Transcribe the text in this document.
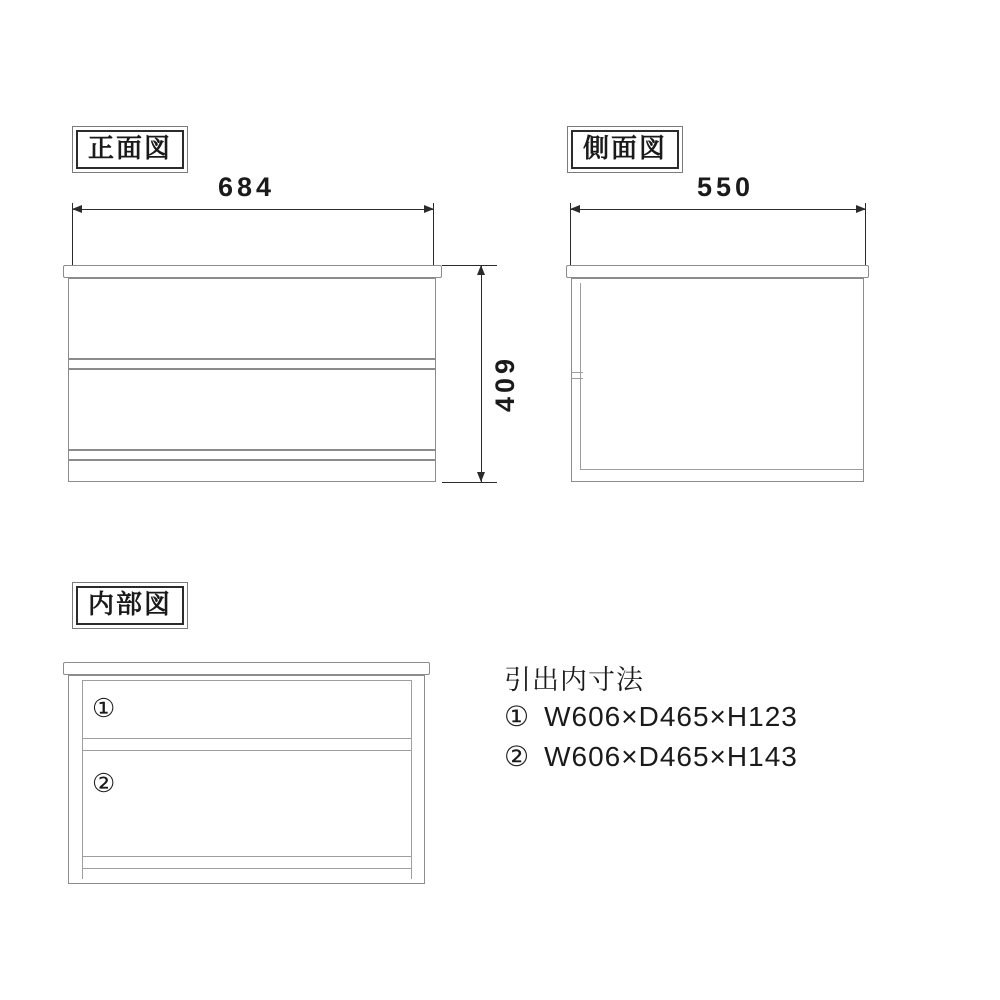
正面図
684
409
側面図
550
内部図
①
②
引出内寸法
① W606×D465×H123
② W606×D465×H143
